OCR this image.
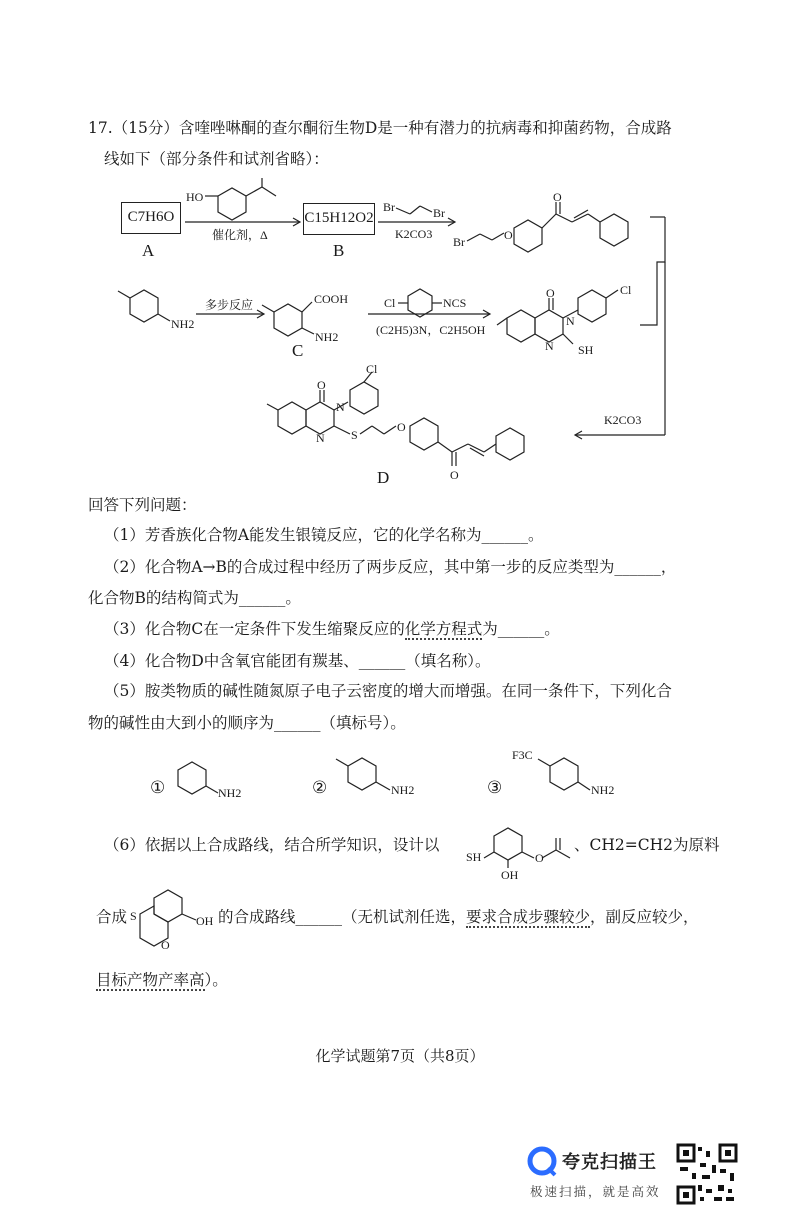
17.（15分）含喹唑啉酮的查尔酮衍生物D是一种有潜力的抗病毒和抑菌药物，合成路
线如下（部分条件和试剂省略）：
C7H6O	C15H12O2
A	B
C
D
催化剂，Δ	K2CO3
多步反应
(C2H5)3N，C2H5OH
K2CO3
HO
Br	Br
Br	O
O
COOH
NH2
NH2
Cl	NCS
Cl
O
N
N SH
Cl
O
N
N S
O
O
回答下列问题：
（1）芳香族化合物A能发生银镜反应，它的化学名称为______。
（2）化合物A→B的合成过程中经历了两步反应，其中第一步的反应类型为______，
化合物B的结构简式为______。
（3）化合物C在一定条件下发生缩聚反应的化学方程式为______。
（4）化合物D中含氧官能团有羰基、______（填名称）。
（5）胺类物质的碱性随氮原子电子云密度的增大而增强。在同一条件下，下列化合
物的碱性由大到小的顺序为______（填标号）。
①	②	③
NH2	NH2	NH2
F3C
（6）依据以上合成路线，结合所学知识，设计以
SH
OH
O
、CH2=CH2为原料
合成 S
O
OH 的合成路线______（无机试剂任选，要求合成步骤较少，副反应较少，
目标产物产率高）。
化学试题第7页（共8页）
夸克扫描王
极速扫描，就是高效
